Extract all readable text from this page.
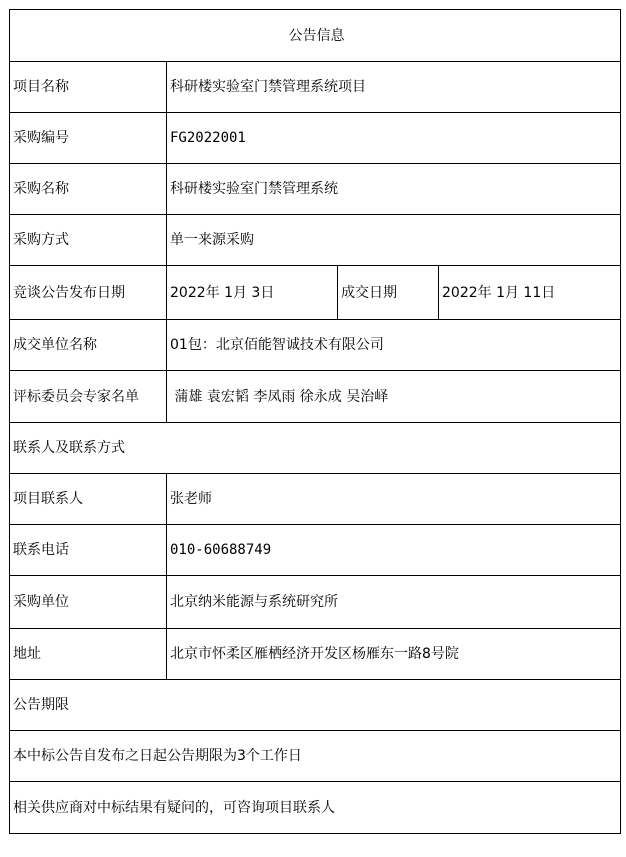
公告信息			
项目名称	科研楼实验室门禁管理系统项目		
采购编号	FG2022001		
采购名称	科研楼实验室门禁管理系统		
采购方式	单一来源采购		
竞谈公告发布日期	2022年 1月 3日	成交日期	2022年 1月 11日
成交单位名称	01包：北京佰能智诚技术有限公司		
评标委员会专家名单	蒲雄 袁宏韬 李凤雨 徐永成 吴治峄		
联系人及联系方式			
项目联系人	张老师		
联系电话	010-60688749		
采购单位	北京纳米能源与系统研究所		
地址	北京市怀柔区雁栖经济开发区杨雁东一路8号院		
公告期限			
本中标公告自发布之日起公告期限为3个工作日			
相关供应商对中标结果有疑问的，可咨询项目联系人			
